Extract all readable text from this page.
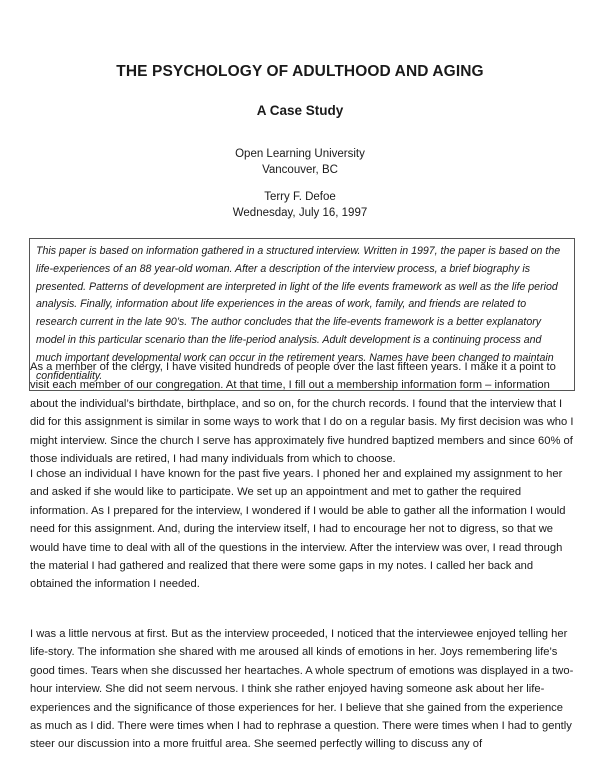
THE PSYCHOLOGY OF ADULTHOOD AND AGING
A Case Study
Open Learning University
Vancouver, BC
Terry F. Defoe
Wednesday, July 16, 1997
This paper is based on information gathered in a structured interview. Written in 1997, the paper is based on the life-experiences of an 88 year-old woman. After a description of the interview process, a brief biography is presented. Patterns of development are interpreted in light of the life events framework as well as the life period analysis. Finally, information about life experiences in the areas of work, family, and friends are related to research current in the late 90’s. The author concludes that the life-events framework is a better explanatory model in this particular scenario than the life-period analysis. Adult development is a continuing process and much important developmental work can occur in the retirement years. Names have been changed to maintain confidentiality.

As a member of the clergy, I have visited hundreds of people over the last fifteen years. I make it a point to visit each member of our congregation. At that time, I fill out a membership information form – information about the individual’s birthdate, birthplace, and so on, for the church records. I found that the interview that I did for this assignment is similar in some ways to work that I do on a regular basis. My first decision was who I might interview. Since the church I serve has approximately five hundred baptized members and since 60% of those individuals are retired, I had many individuals from which to choose.

I chose an individual I have known for the past five years. I phoned her and explained my assignment to her and asked if she would like to participate. We set up an appointment and met to gather the required information. As I prepared for the interview, I wondered if I would be able to gather all the information I would need for this assignment. And, during the interview itself, I had to encourage her not to digress, so that we would have time to deal with all of the questions in the interview. After the interview was over, I read through the material I had gathered and realized that there were some gaps in my notes. I called her back and obtained the information I needed.

I was a little nervous at first. But as the interview proceeded, I noticed that the interviewee enjoyed telling her life-story. The information she shared with me aroused all kinds of emotions in her. Joys remembering life’s good times. Tears when she discussed her heartaches. A whole spectrum of emotions was displayed in a two-hour interview. She did not seem nervous. I think she rather enjoyed having someone ask about her life-experiences and the significance of those experiences for her. I believe that she gained from the experience as much as I did. There were times when I had to rephrase a question. There were times when I had to gently steer our discussion into a more fruitful area. She seemed perfectly willing to discuss any of
